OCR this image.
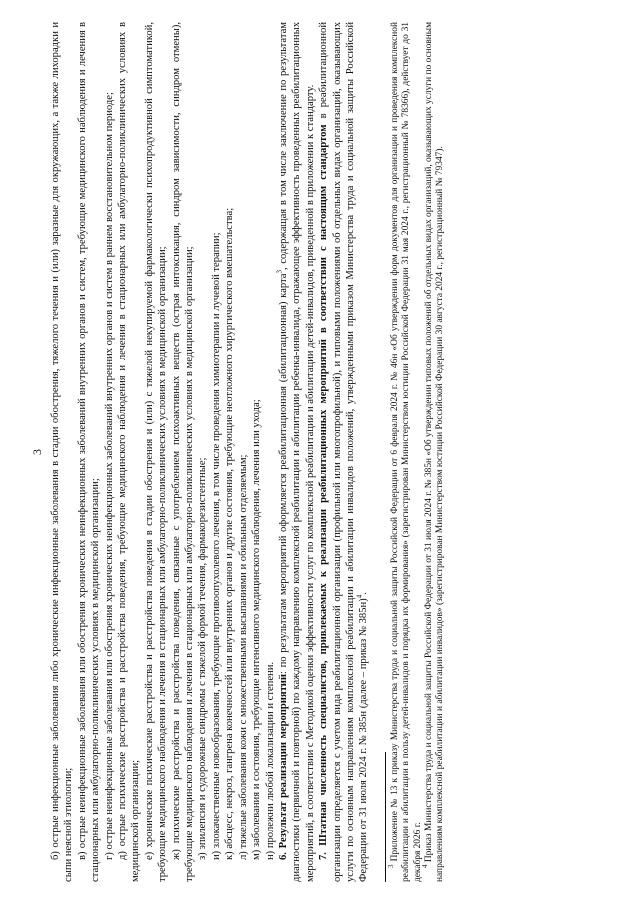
3 б) острые инфекционные заболевания либо хронические инфекционные заболевания в стадии обострения, тяжелого течения и (или) заразные для окружающих, а также лихорадки и сыпи неясной этиологии; в) острые неинфекционные заболевания или обострения хронических неинфекционных заболеваний внутренних органов и систем, требующие медицинского наблюдения и лечения в стационарных или амбулаторно-поликлинических условиях в медицинской организации; г) острые неинфекционные заболевания или обострения хронических неинфекционных заболеваний внутренних органов и систем в раннем восстановительном периоде; д) острые психические расстройства и расстройства поведения, требующие медицинского наблюдения и лечения в стационарных или амбулаторно-поликлинических условиях в медицинской организации; е) хронические психические расстройства и расстройства поведения в стадии обострения и (или) с тяжелой некупируемой фармакологически психопродуктивной симптоматикой, требующие медицинского наблюдения и лечения в стационарных или амбулаторно-поликлинических условиях в медицинской организации; ж) психические расстройства и расстройства поведения, связанные с употреблением психоактивных веществ (острая интоксикация, синдром зависимости, синдром отмены), требующие медицинского наблюдения и лечения в стационарных или амбулаторно-поликлинических условиях в медицинской организации; з) эпилепсия и судорожные синдромы с тяжелой формой течения, фармакорезистентные; и) злокачественные новообразования, требующие противоопухолевого лечения, в том числе проведения химиотерапии и лучевой терапии; к) абсцесс, некроз, гангрена конечностей или внутренних органов и другие состояния, требующие неотложного хирургического вмешательства; л) тяжелые заболевания кожи с множественными высыпаниями и обильным отделяемым; м) заболевания и состояния, требующие интенсивного медицинского наблюдения, лечения или ухода; н) пролежни любой локализации и степени. 6. Результат реализации мероприятий: по результатам мероприятий оформляется реабилитационная (абилитационная) карта$^3$, содержащая в том числе заключение по результатам диагностики (первичной и повторной) по каждому направлению комплексной реабилитации и абилитации ребенка-инвалида, отражающее эффективность проведенных реабилитационных мероприятий, в соответствии с Методикой оценки эффективности услуг по комплексной реабилитации и абилитации детей-инвалидов, приведенной в приложении к стандарту. 7. Штатная численность специалистов, привлекаемых к реализации реабилитационных мероприятий в соответствии с настоящим стандартом в реабилитационной организации определяется с учетом вида реабилитационной организации (профильной или многопрофильной), и типовыми положениями об отдельных видах организаций, оказывающих услуги по основным направлениям комплексной реабилитации и абилитации инвалидов положений, утвержденными приказом Министерства труда и социальной защиты Российской Федерации от 31 июля 2024 г. № 385н (далее – приказ № 385н)$^4$.

$^3$ Приложение № 13 к приказу Министерства труда и социальной защиты Российской Федерации от 6 февраля 2024 г. № 46н «Об утверждении форм документов для организации и проведения комплексной реабилитации и абилитации в пользу детей-инвалидов и порядка их формирования» (зарегистрирован Министерством юстиции Российской Федерации 31 мая 2024 г., регистрационный № 78366), действует до 31 декабря 2026 г.

$^4$ Приказ Министерства труда и социальной защиты Российской Федерации от 31 июля 2024 г. № 385н «Об утверждении типовых положений об отдельных видах организаций, оказывающих услуги по основным направлениям комплексной реабилитации и абилитации инвалидов» (зарегистрирован Министерством юстиции Российской Федерации 30 августа 2024 г., регистрационный № 79347).
